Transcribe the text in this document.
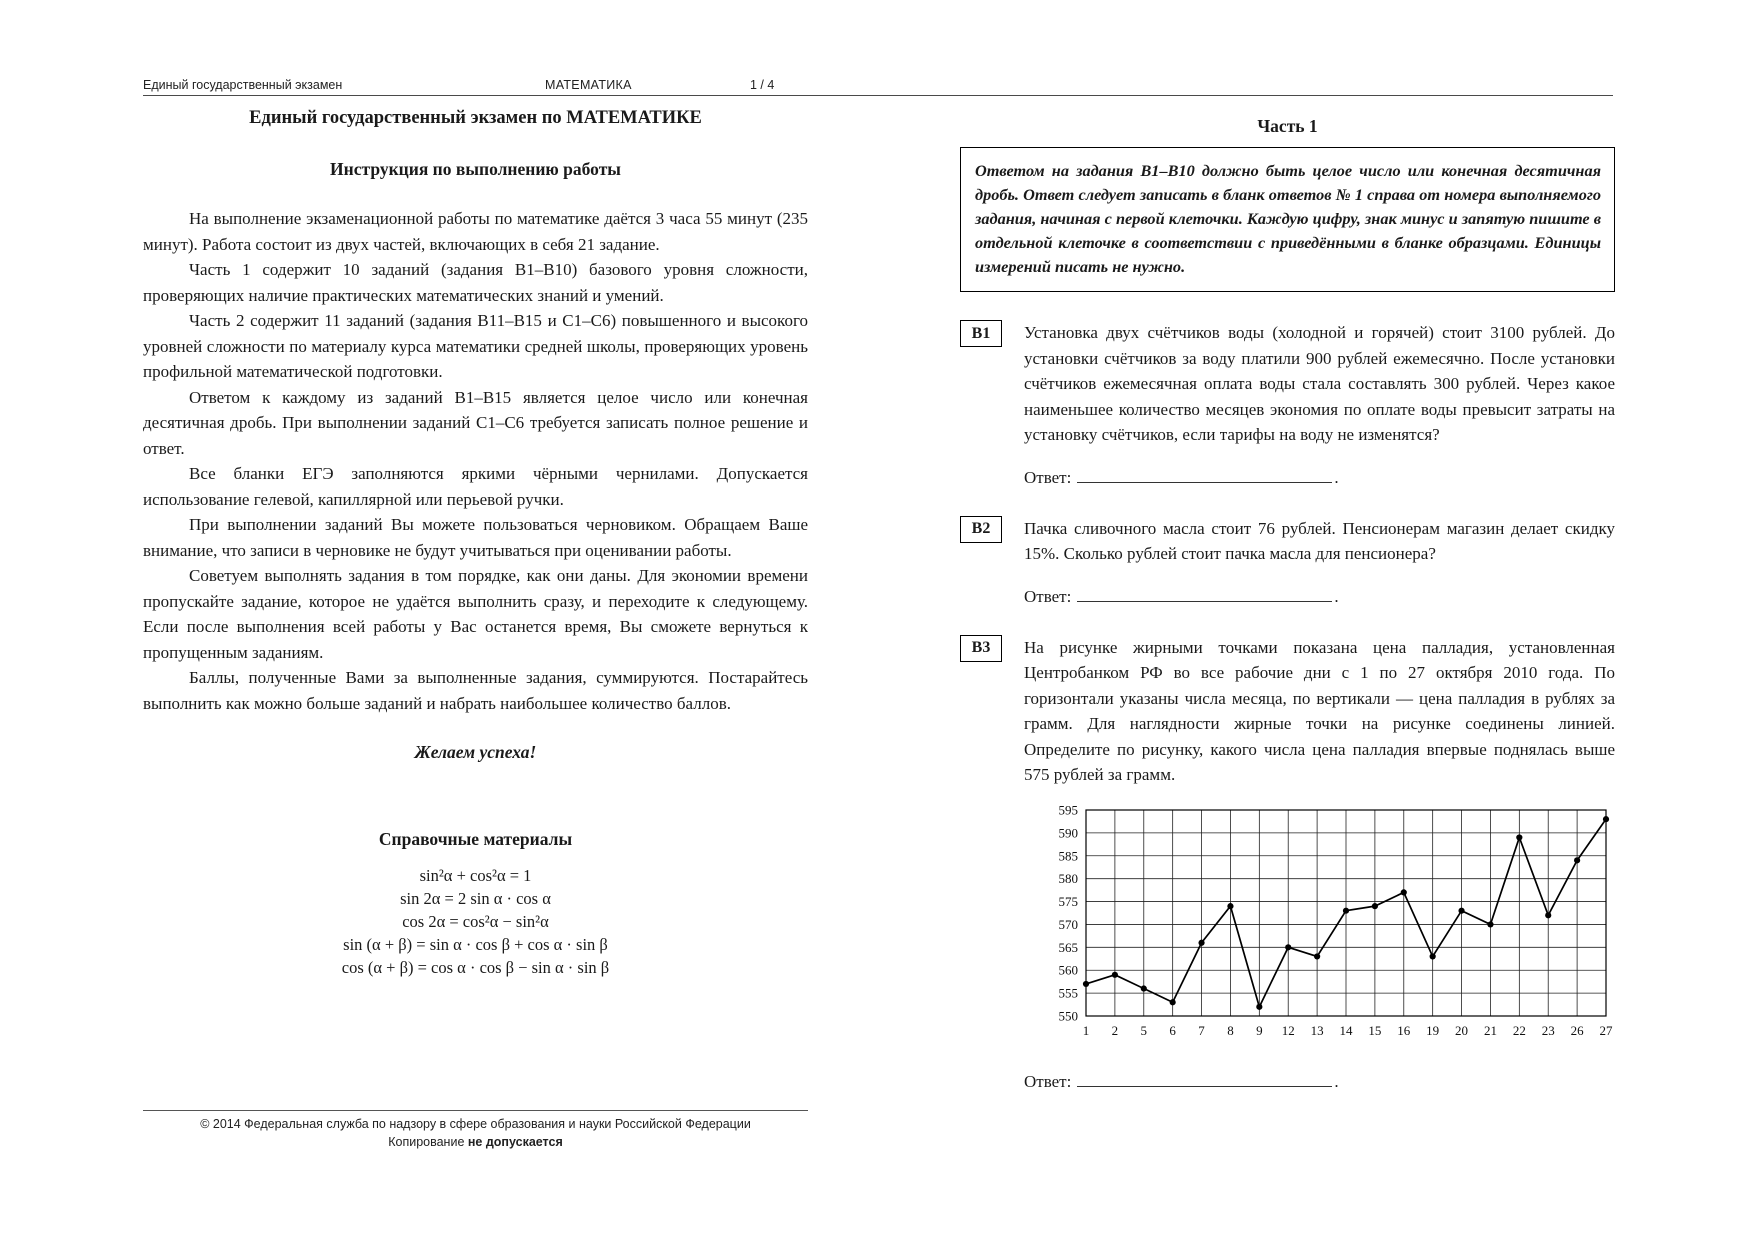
Единый государственный экзамен	МАТЕМАТИКА	1 / 4
Единый государственный экзамен по МАТЕМАТИКЕ
Инструкция по выполнению работы

На выполнение экзаменационной работы по математике даётся 3 часа 55 минут (235 минут). Работа состоит из двух частей, включающих в себя 21 задание.

Часть 1 содержит 10 заданий (задания B1–B10) базового уровня сложности, проверяющих наличие практических математических знаний и умений.

Часть 2 содержит 11 заданий (задания B11–B15 и C1–C6) повышенного и высокого уровней сложности по материалу курса математики средней школы, проверяющих уровень профильной математической подготовки.

Ответом к каждому из заданий B1–B15 является целое число или конечная десятичная дробь. При выполнении заданий C1–C6 требуется записать полное решение и ответ.

Все бланки ЕГЭ заполняются яркими чёрными чернилами. Допускается использование гелевой, капиллярной или перьевой ручки.

При выполнении заданий Вы можете пользоваться черновиком. Обращаем Ваше внимание, что записи в черновике не будут учитываться при оценивании работы.

Советуем выполнять задания в том порядке, как они даны. Для экономии времени пропускайте задание, которое не удаётся выполнить сразу, и переходите к следующему. Если после выполнения всей работы у Вас останется время, Вы сможете вернуться к пропущенным заданиям.

Баллы, полученные Вами за выполненные задания, суммируются. Постарайтесь выполнить как можно больше заданий и набрать наибольшее количество баллов.

Желаем успеха!
Справочные материалы
sin²α + cos²α = 1
sin 2α = 2 sin α · cos α
cos 2α = cos²α − sin²α
sin (α + β) = sin α · cos β + cos α · sin β
cos (α + β) = cos α · cos β − sin α · sin β
© 2014 Федеральная служба по надзору в сфере образования и науки Российской Федерации
Копирование не допускается
Часть 1
Ответом на задания B1–B10 должно быть целое число или конечная десятичная дробь. Ответ следует записать в бланк ответов № 1 справа от номера выполняемого задания, начиная с первой клеточки. Каждую цифру, знак минус и запятую пишите в отдельной клеточке в соответствии с приведёнными в бланке образцами. Единицы измерений писать не нужно.
B1	Установка двух счётчиков воды (холодной и горячей) стоит 3100 рублей. До установки счётчиков за воду платили 900 рублей ежемесячно. После установки счётчиков ежемесячная оплата воды стала составлять 300 рублей. Через какое наименьшее количество месяцев экономия по оплате воды превысит затраты на установку счётчиков, если тарифы на воду не изменятся?

Ответ:	.
B2	Пачка сливочного масла стоит 76 рублей. Пенсионерам магазин делает скидку 15%. Сколько рублей стоит пачка масла для пенсионера?

Ответ:	.
B3	На рисунке жирными точками показана цена палладия, установленная Центробанком РФ во все рабочие дни с 1 по 27 октября 2010 года. По горизонтали указаны числа месяца, по вертикали — цена палладия в рублях за грамм. Для наглядности жирные точки на рисунке соединены линией. Определите по рисунку, какого числа цена палладия впервые поднялась выше 575 рублей за грамм.

550
555
560
565
570
575
580
585
590
595
1 2 5 6 7 8 9 12 13 14 15 16 19 20 21 22 23 26 27
Ответ:	.
